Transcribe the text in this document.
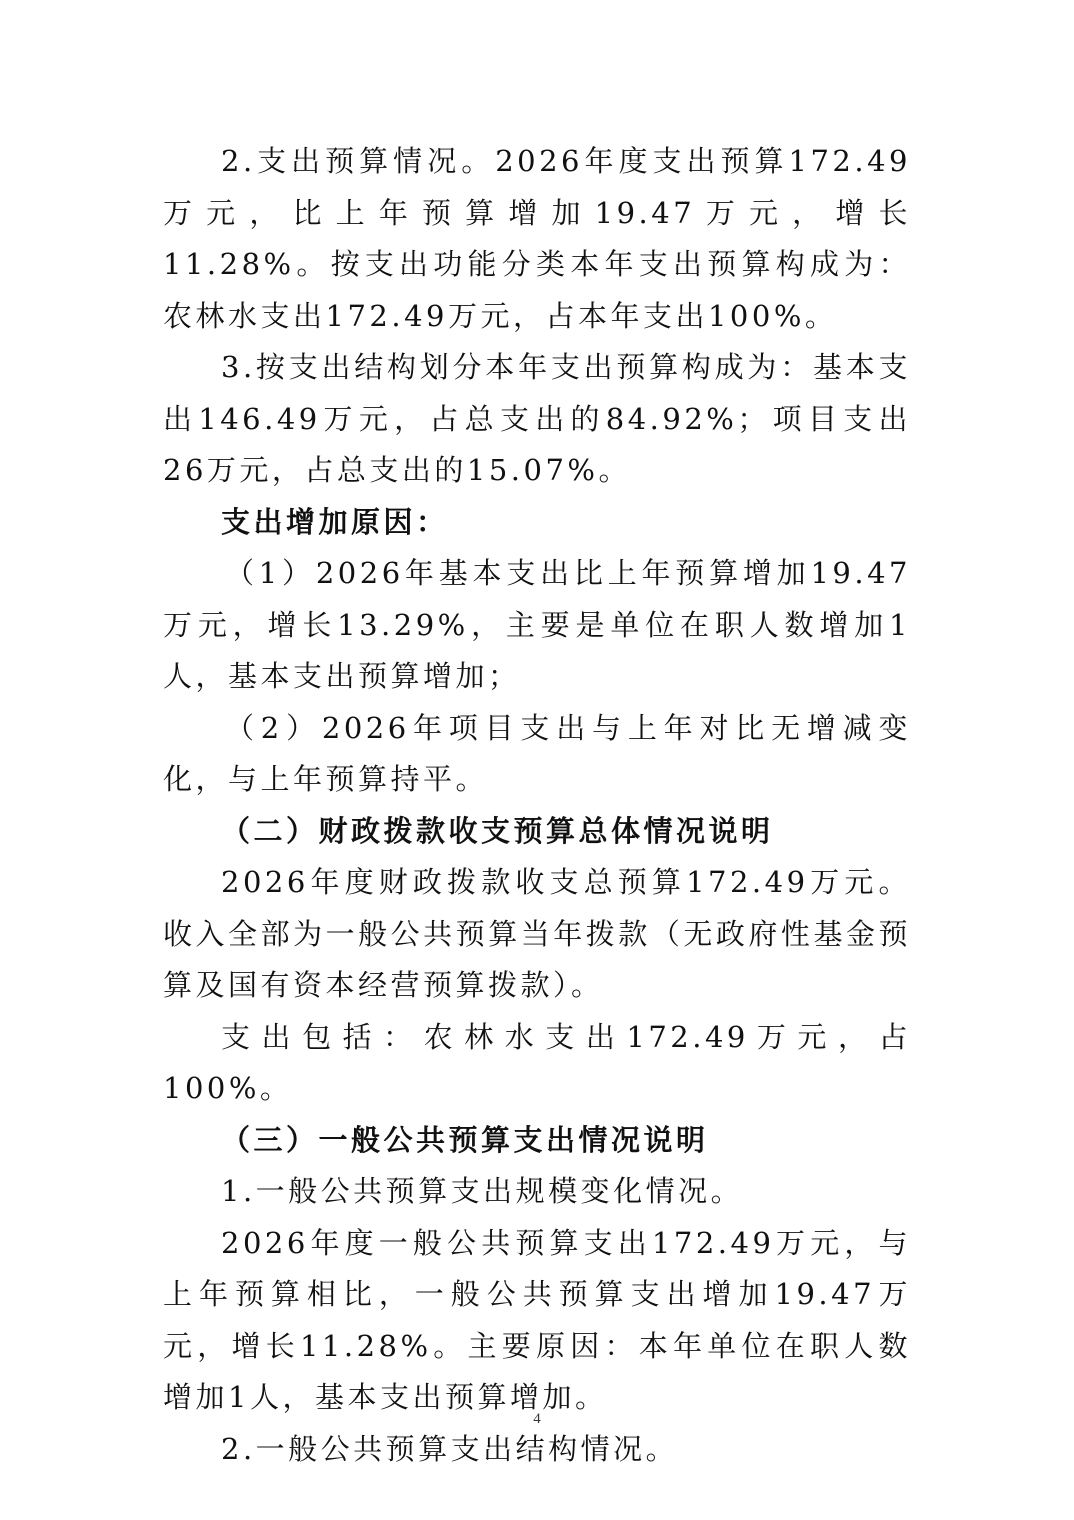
2.支出预算情况。2026年度支出预算172.49万元，比上年预算增加19.47万元，增长11.28%。按支出功能分类本年支出预算构成为：农林水支出172.49万元，占本年支出100%。

3.按支出结构划分本年支出预算构成为：基本支出146.49万元，占总支出的84.92%；项目支出26万元，占总支出的15.07%。

支出增加原因：

（1）2026年基本支出比上年预算增加19.47万元，增长13.29%，主要是单位在职人数增加1人，基本支出预算增加；

（2）2026年项目支出与上年对比无增减变化，与上年预算持平。

（二）财政拨款收支预算总体情况说明

2026年度财政拨款收支总预算172.49万元。收入全部为一般公共预算当年拨款（无政府性基金预算及国有资本经营预算拨款）。

支出包括：农林水支出172.49万元，占100%。

（三）一般公共预算支出情况说明

1.一般公共预算支出规模变化情况。

2026年度一般公共预算支出172.49万元，与上年预算相比，一般公共预算支出增加19.47万元，增长11.28%。主要原因：本年单位在职人数增加1人，基本支出预算增加。

2.一般公共预算支出结构情况。

4
